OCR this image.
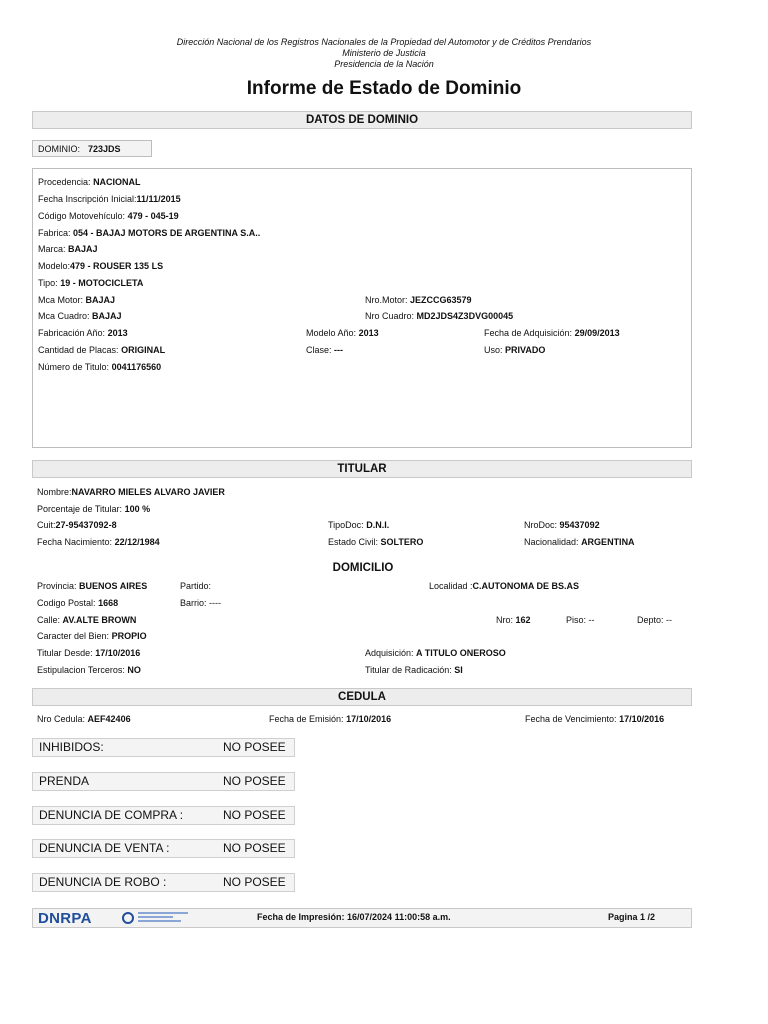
Dirección Nacional de los Registros Nacionales de la Propiedad del Automotor y de Créditos Prendarios
Ministerio de Justicia
Presidencia de la Nación
Informe de Estado de Dominio
DATOS DE DOMINIO
DOMINIO: 723JDS
Procedencia: NACIONAL
Fecha Inscripción Inicial:11/11/2015
Código Motovehículo: 479 - 045-19
Fabrica: 054 - BAJAJ MOTORS DE ARGENTINA S.A..
Marca: BAJAJ
Modelo:479 - ROUSER 135 LS
Tipo: 19 - MOTOCICLETA
Mca Motor: BAJAJ	Nro.Motor: JEZCCG63579
Mca Cuadro: BAJAJ	Nro Cuadro: MD2JDS4Z3DVG00045
Fabricación Año: 2013	Modelo Año: 2013	Fecha de Adquisición: 29/09/2013
Cantidad de Placas: ORIGINAL	Clase: ---	Uso: PRIVADO
Número de Titulo: 0041176560
TITULAR
Nombre:NAVARRO MIELES ALVARO JAVIER
Porcentaje de Titular: 100 %
Cuit:27-95437092-8	TipoDoc: D.N.I.	NroDoc: 95437092
Fecha Nacimiento: 22/12/1984	Estado Civil: SOLTERO	Nacionalidad: ARGENTINA
DOMICILIO
Provincia: BUENOS AIRES	Partido:	Localidad :C.AUTONOMA DE BS.AS
Codigo Postal: 1668	Barrio: ----
Calle: AV.ALTE BROWN	Nro: 162	Piso: --	Depto: --
Caracter del Bien: PROPIO
Titular Desde: 17/10/2016	Adquisición: A TITULO ONEROSO
Estipulacion Terceros: NO	Titular de Radicación: SI
CEDULA
Nro Cedula: AEF42406	Fecha de Emisión: 17/10/2016	Fecha de Vencimiento: 17/10/2016
INHIBIDOS:	NO POSEE
PRENDA	NO POSEE
DENUNCIA DE COMPRA :	NO POSEE
DENUNCIA DE VENTA :	NO POSEE
DENUNCIA DE ROBO :	NO POSEE
DNRPA	Fecha de Impresión: 16/07/2024 11:00:58 a.m.	Pagina 1 /2
